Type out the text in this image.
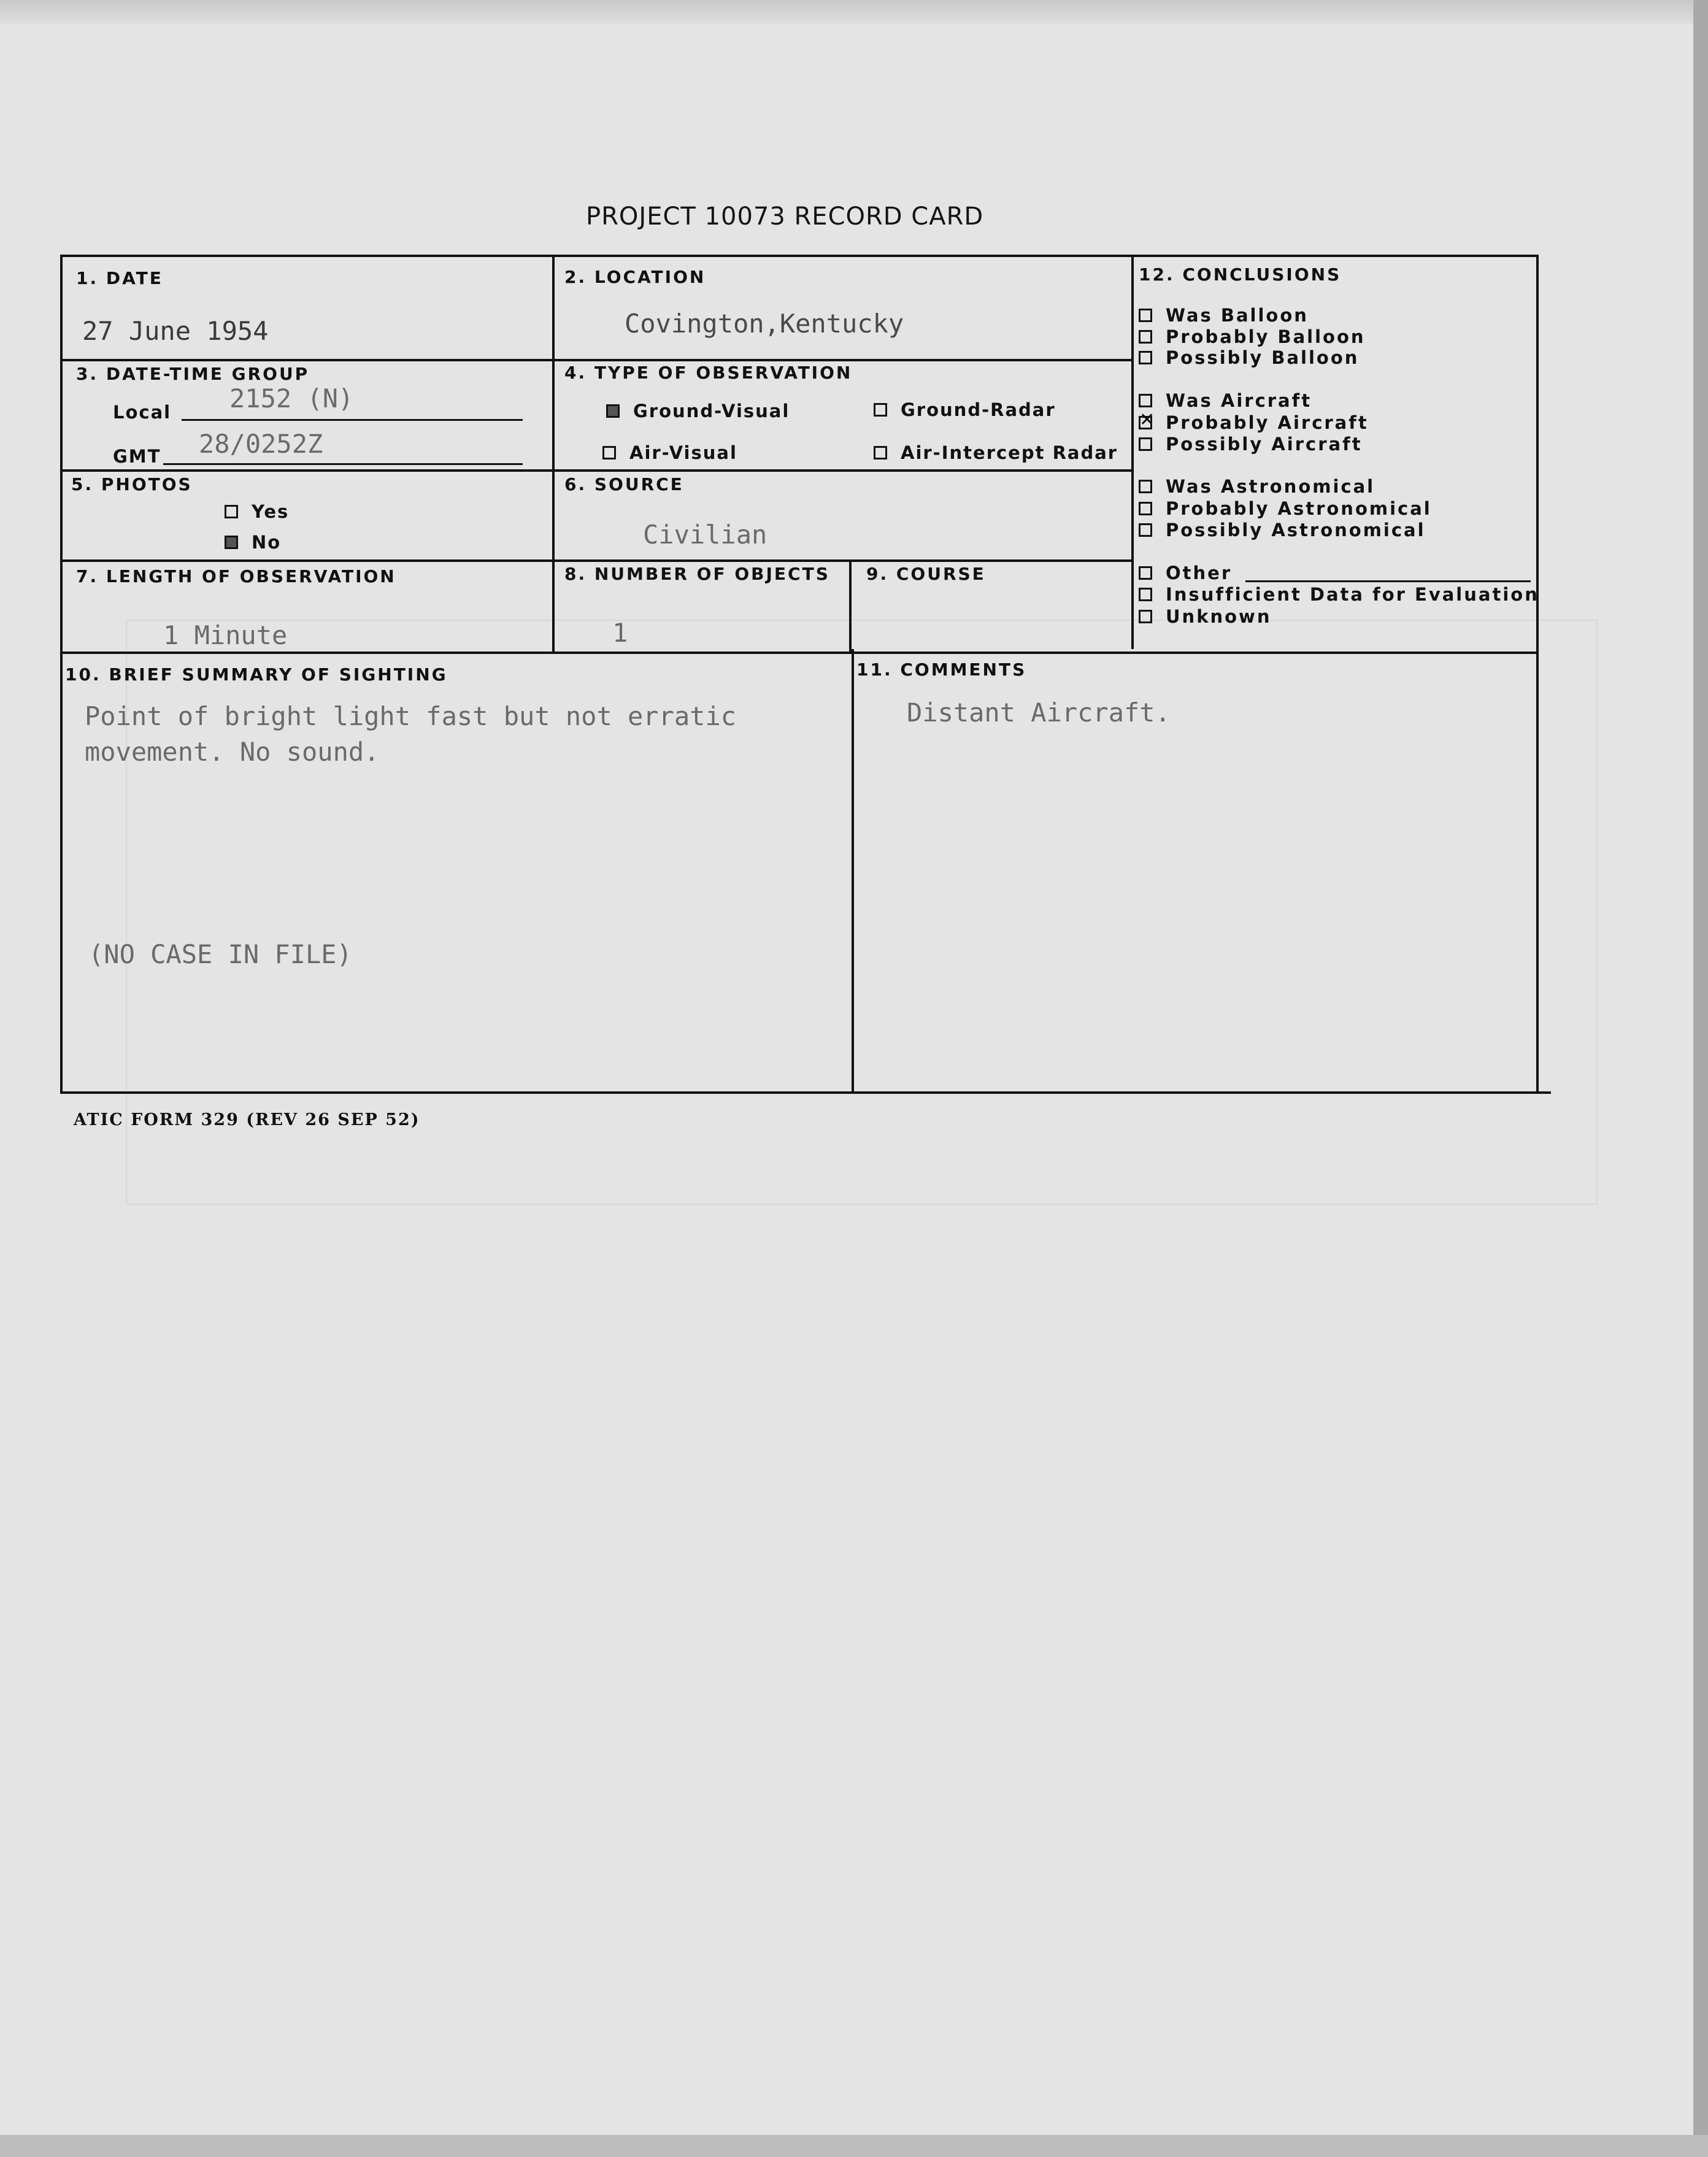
PROJECT 10073 RECORD CARD
1. DATE
27 June 1954
2. LOCATION
Covington,Kentucky
3. DATE-TIME GROUP
Local 2152 (N)
GMT 28/0252Z
4. TYPE OF OBSERVATION
Ground-Visual	Ground-Radar
Air-Visual	Air-Intercept Radar
5. PHOTOS
Yes
No
6. SOURCE
Civilian
7. LENGTH OF OBSERVATION
1 Minute
8. NUMBER OF OBJECTS
1
9. COURSE
10. BRIEF SUMMARY OF SIGHTING
Point of bright light fast but not erratic
movement. No sound.
(NO CASE IN FILE)
11. COMMENTS
Distant Aircraft.
12. CONCLUSIONS
Was Balloon
Probably Balloon
Possibly Balloon
Was Aircraft
✕Probably Aircraft
Possibly Aircraft
Was Astronomical
Probably Astronomical
Possibly Astronomical
Other
Insufficient Data for Evaluation
Unknown
ATIC FORM 329 (REV 26 SEP 52)
